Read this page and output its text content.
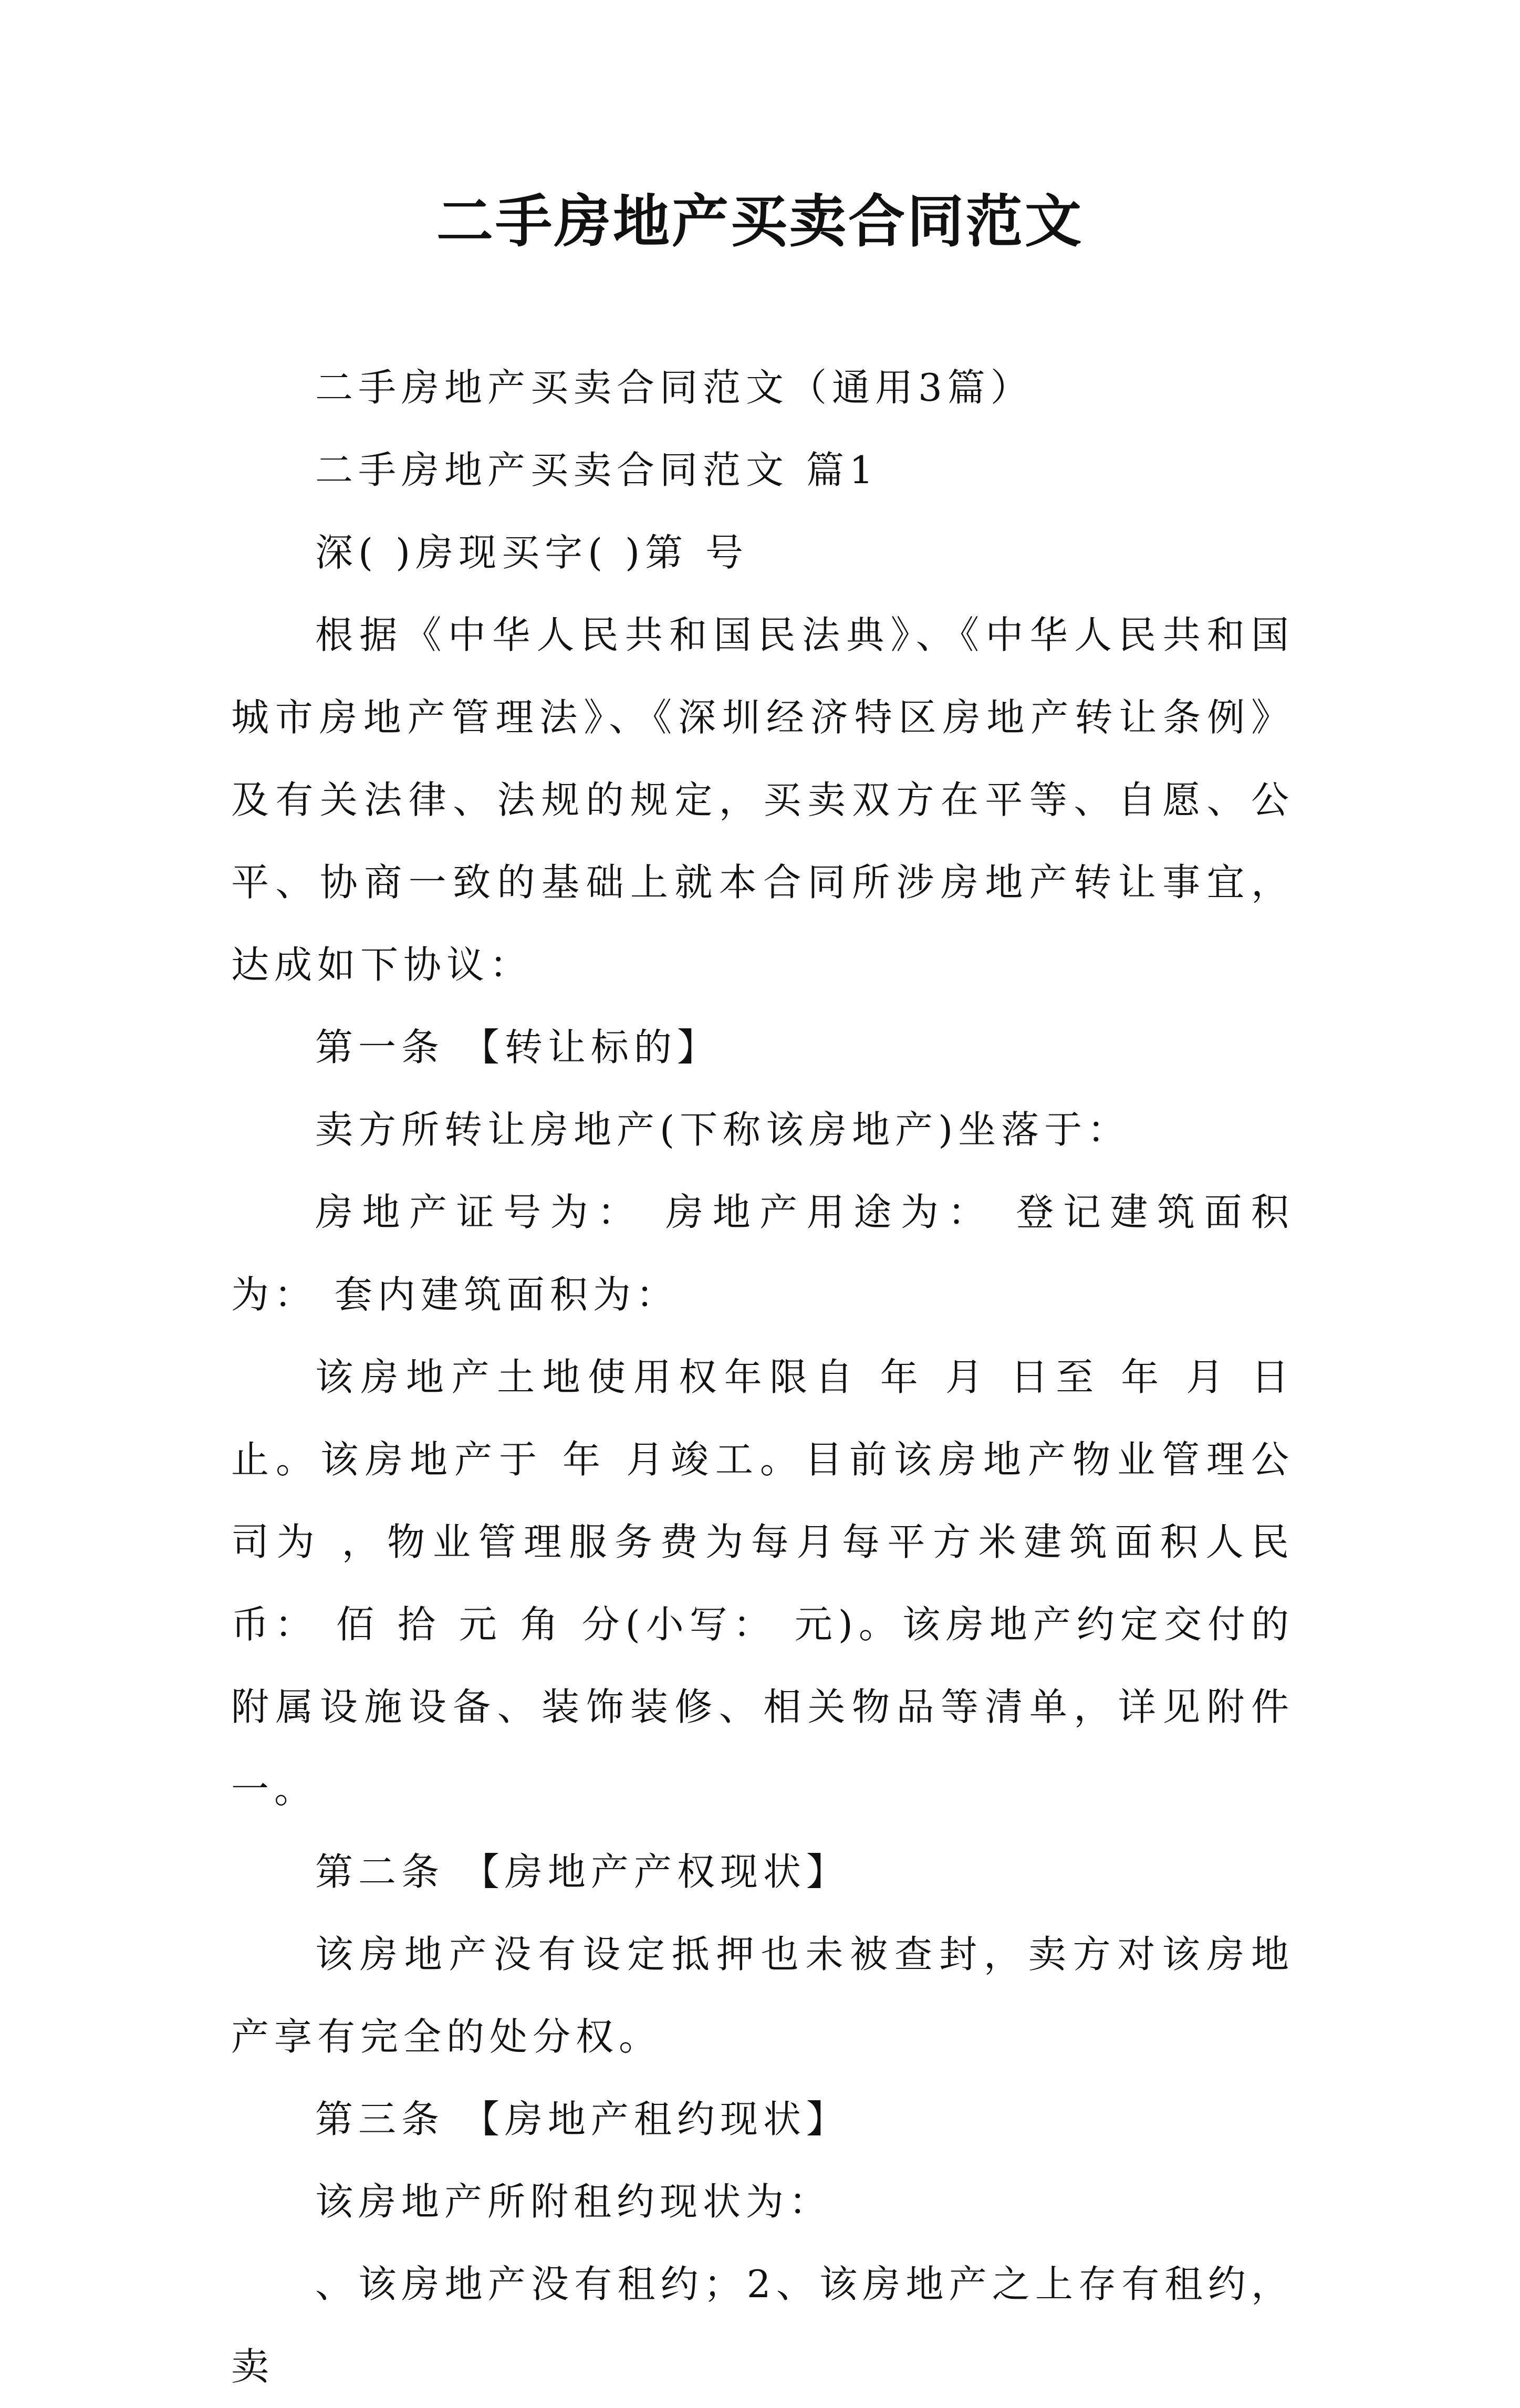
二手房地产买卖合同范文

二手房地产买卖合同范文（通用3篇）

二手房地产买卖合同范文 篇1

深( )房现买字( )第 号

根据《中华人民共和国民法典》、《中华人民共和国城市房地产管理法》、《深圳经济特区房地产转让条例》及有关法律、法规的规定，买卖双方在平等、自愿、公平、协商一致的基础上就本合同所涉房地产转让事宜，达成如下协议：

第一条 【转让标的】

卖方所转让房地产(下称该房地产)坐落于：

房地产证号为： 房地产用途为： 登记建筑面积为： 套内建筑面积为：

该房地产土地使用权年限自 年 月 日至 年 月 日止。该房地产于 年 月竣工。目前该房地产物业管理公司为 ，物业管理服务费为每月每平方米建筑面积人民币： 佰 拾 元 角 分(小写： 元)。该房地产约定交付的附属设施设备、装饰装修、相关物品等清单，详见附件一。

第二条 【房地产产权现状】

该房地产没有设定抵押也未被查封，卖方对该房地产享有完全的处分权。

第三条 【房地产租约现状】

该房地产所附租约现状为：

、该房地产没有租约；2、该房地产之上存有租约，卖
